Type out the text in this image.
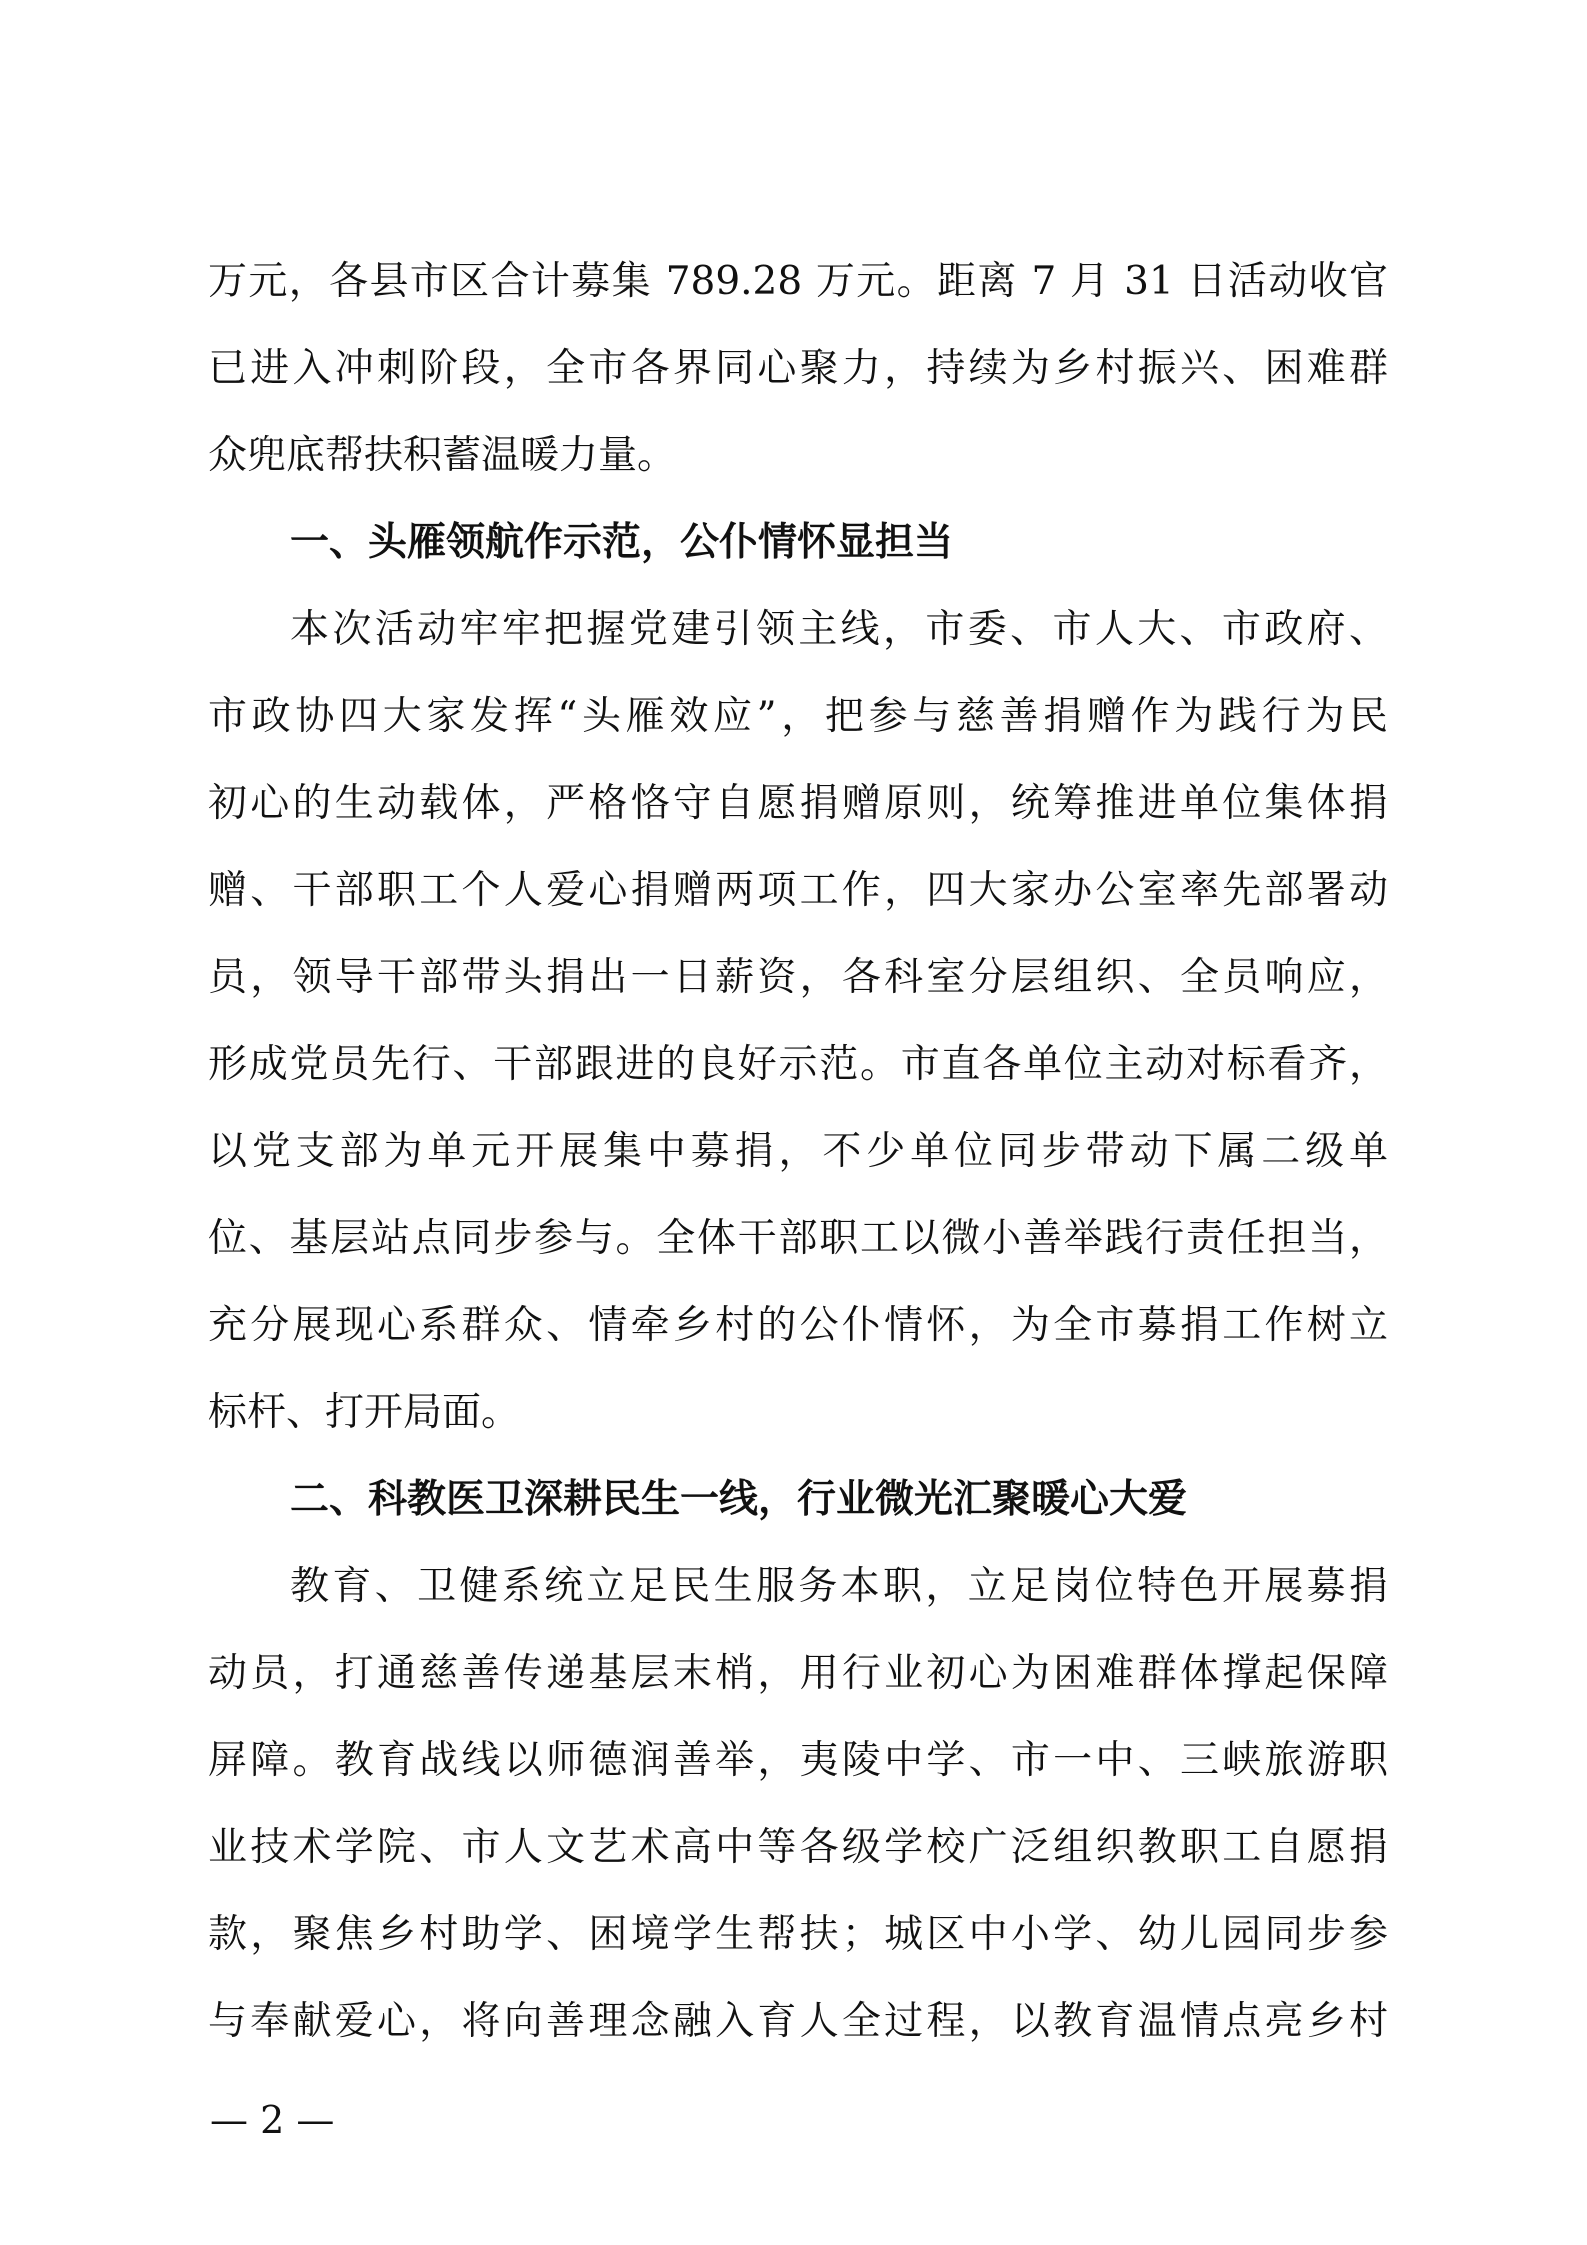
万元，各县市区合计募集 789.28 万元。距离 7 月 31 日活动收官
已进入冲刺阶段，全市各界同心聚力，持续为乡村振兴、困难群
众兜底帮扶积蓄温暖力量。
一、头雁领航作示范，公仆情怀显担当
本次活动牢牢把握党建引领主线，市委、市人大、市政府、
市政协四大家发挥“头雁效应”，把参与慈善捐赠作为践行为民
初心的生动载体，严格恪守自愿捐赠原则，统筹推进单位集体捐
赠、干部职工个人爱心捐赠两项工作，四大家办公室率先部署动
员，领导干部带头捐出一日薪资，各科室分层组织、全员响应，
形成党员先行、干部跟进的良好示范。市直各单位主动对标看齐，
以党支部为单元开展集中募捐，不少单位同步带动下属二级单
位、基层站点同步参与。全体干部职工以微小善举践行责任担当，
充分展现心系群众、情牵乡村的公仆情怀，为全市募捐工作树立
标杆、打开局面。
二、科教医卫深耕民生一线，行业微光汇聚暖心大爱
教育、卫健系统立足民生服务本职，立足岗位特色开展募捐
动员，打通慈善传递基层末梢，用行业初心为困难群体撑起保障
屏障。教育战线以师德润善举，夷陵中学、市一中、三峡旅游职
业技术学院、市人文艺术高中等各级学校广泛组织教职工自愿捐
款，聚焦乡村助学、困境学生帮扶；城区中小学、幼儿园同步参
与奉献爱心，将向善理念融入育人全过程，以教育温情点亮乡村
— 2 —
